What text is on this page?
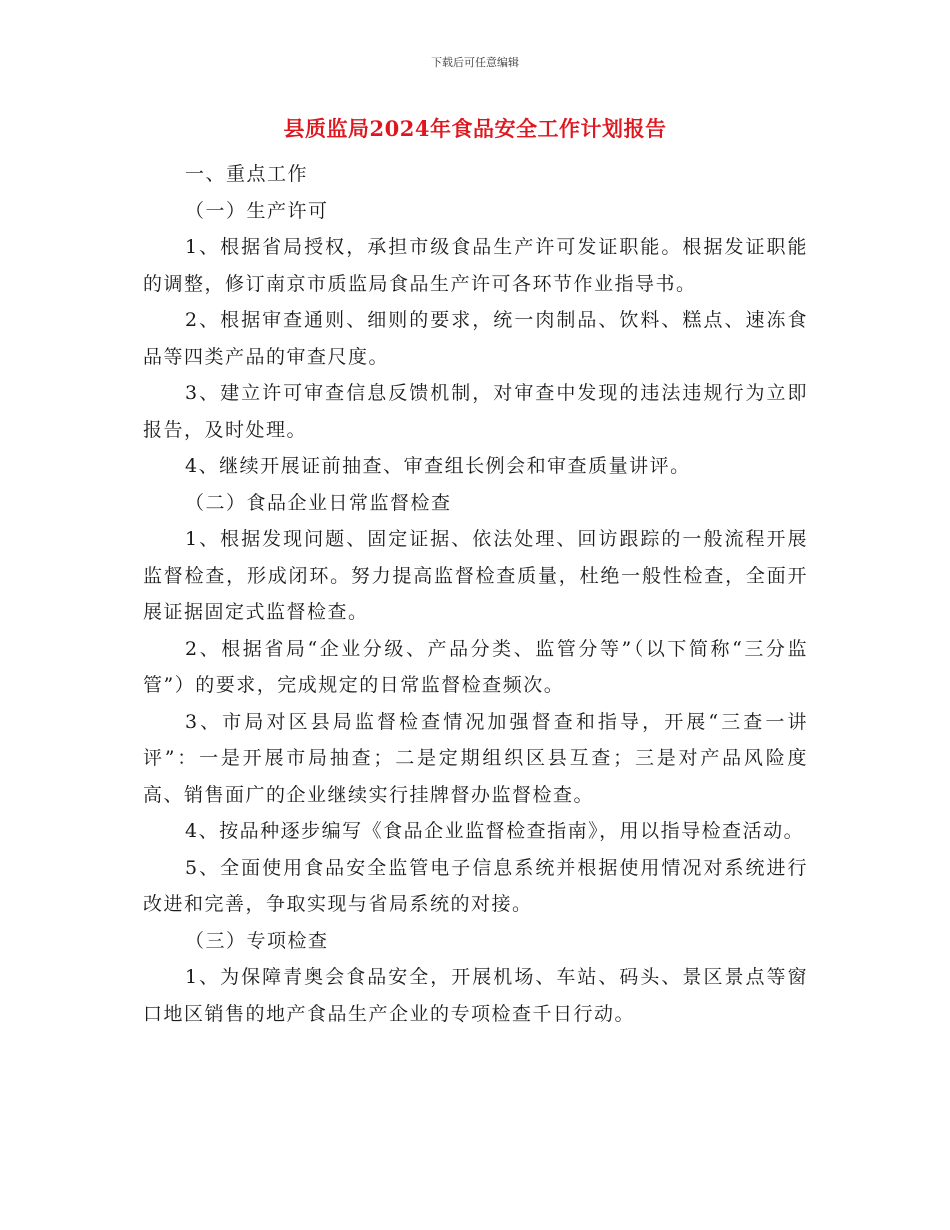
下载后可任意编辑
县质监局2024年食品安全工作计划报告

一、重点工作

（一）生产许可

1、根据省局授权，承担市级食品生产许可发证职能。根据发证职能的调整，修订南京市质监局食品生产许可各环节作业指导书。

2、根据审查通则、细则的要求，统一肉制品、饮料、糕点、速冻食品等四类产品的审查尺度。

3、建立许可审查信息反馈机制，对审查中发现的违法违规行为立即报告，及时处理。

4、继续开展证前抽查、审查组长例会和审查质量讲评。

（二）食品企业日常监督检查

1、根据发现问题、固定证据、依法处理、回访跟踪的一般流程开展监督检查，形成闭环。努力提高监督检查质量，杜绝一般性检查，全面开展证据固定式监督检查。

2、根据省局“企业分级、产品分类、监管分等”（以下简称“三分监管”）的要求，完成规定的日常监督检查频次。

3、市局对区县局监督检查情况加强督查和指导，开展“三查一讲评”：一是开展市局抽查；二是定期组织区县互查；三是对产品风险度高、销售面广的企业继续实行挂牌督办监督检查。

4、按品种逐步编写《食品企业监督检查指南》，用以指导检查活动。

5、全面使用食品安全监管电子信息系统并根据使用情况对系统进行改进和完善，争取实现与省局系统的对接。

（三）专项检查

1、为保障青奥会食品安全，开展机场、车站、码头、景区景点等窗口地区销售的地产食品生产企业的专项检查千日行动。
